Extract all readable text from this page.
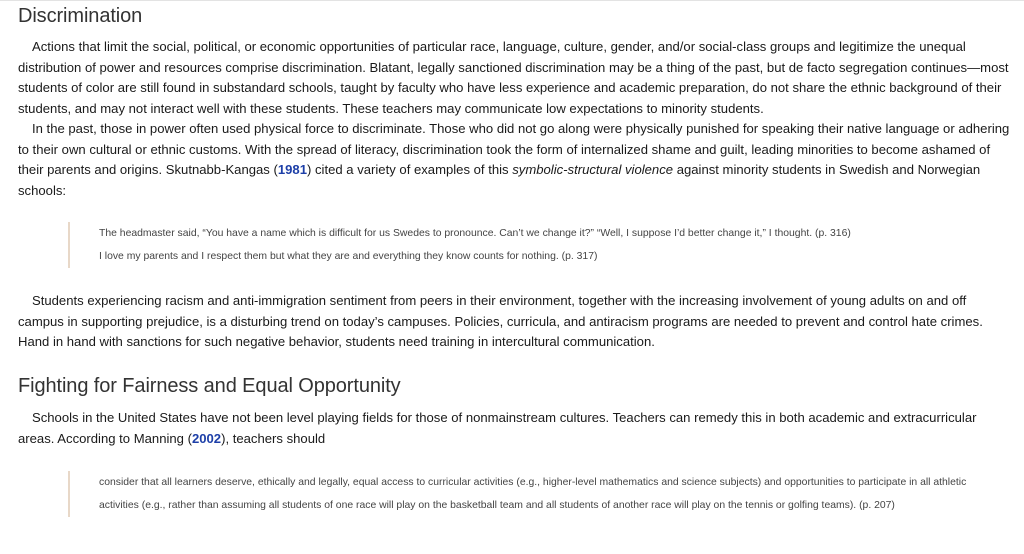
Discrimination

Actions that limit the social, political, or economic opportunities of particular race, language, culture, gender, and/or social-class groups and legitimize the unequal distribution of power and resources comprise discrimination. Blatant, legally sanctioned discrimination may be a thing of the past, but de facto segregation continues—most students of color are still found in substandard schools, taught by faculty who have less experience and academic preparation, do not share the ethnic background of their students, and may not interact well with these students. These teachers may communicate low expectations to minority students.

In the past, those in power often used physical force to discriminate. Those who did not go along were physically punished for speaking their native language or adhering to their own cultural or ethnic customs. With the spread of literacy, discrimination took the form of internalized shame and guilt, leading minorities to become ashamed of their parents and origins. Skutnabb-Kangas (1981) cited a variety of examples of this symbolic-structural violence against minority students in Swedish and Norwegian schools:

The headmaster said, “You have a name which is difficult for us Swedes to pronounce. Can’t we change it?” “Well, I suppose I’d better change it,” I thought. (p. 316)

I love my parents and I respect them but what they are and everything they know counts for nothing. (p. 317)

Students experiencing racism and anti-immigration sentiment from peers in their environment, together with the increasing involvement of young adults on and off campus in supporting prejudice, is a disturbing trend on today’s campuses. Policies, curricula, and antiracism programs are needed to prevent and control hate crimes. Hand in hand with sanctions for such negative behavior, students need training in intercultural communication.

Fighting for Fairness and Equal Opportunity

Schools in the United States have not been level playing fields for those of nonmainstream cultures. Teachers can remedy this in both academic and extracurricular areas. According to Manning (2002), teachers should

consider that all learners deserve, ethically and legally, equal access to curricular activities (e.g., higher-level mathematics and science subjects) and opportunities to participate in all athletic activities (e.g., rather than assuming all students of one race will play on the basketball team and all students of another race will play on the tennis or golfing teams). (p. 207)
